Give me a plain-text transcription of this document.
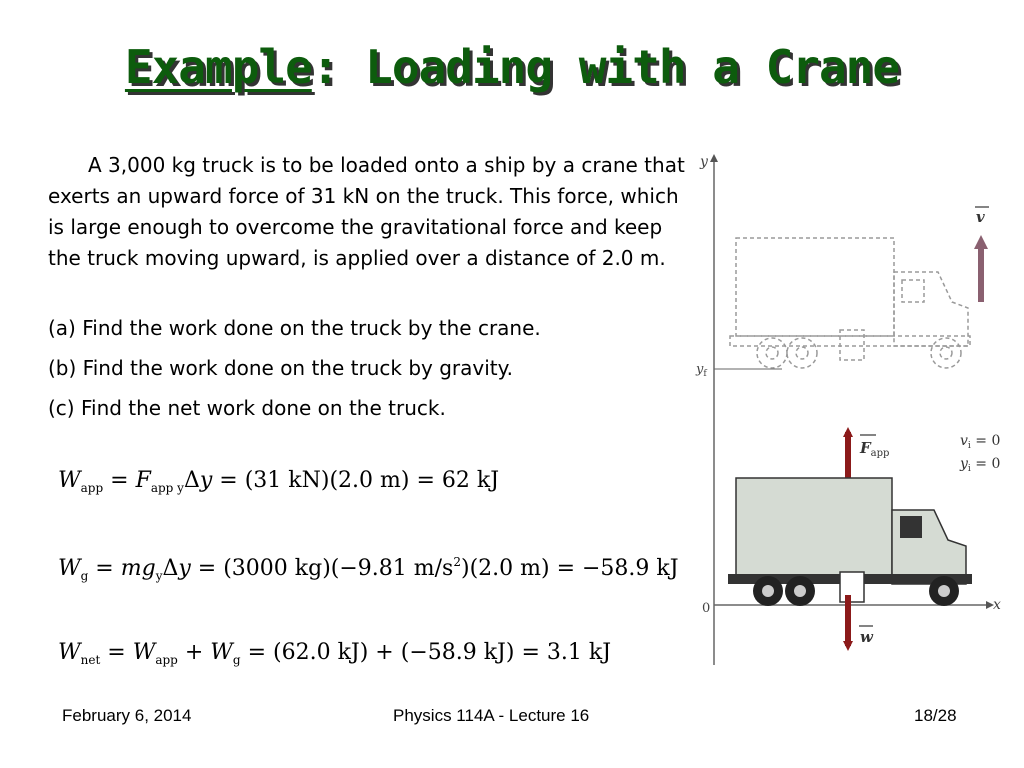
Example: Loading with a Crane
A 3,000 kg truck is to be loaded onto a ship by a crane that exerts an upward force of 31 kN on the truck. This force, which is large enough to overcome the gravitational force and keep the truck moving upward, is applied over a distance of 2.0 m.
(a) Find the work done on the truck by the crane.
(b) Find the work done on the truck by gravity.
(c) Find the net work done on the truck.
$W_{app} = F_{app y}\Delta y = (31$ kN)(2.0 m) = 62 kJ
$W_g = mg_y\Delta y = (3000$ kg)(−9.81 $m/s^2)(2.0$ m) = −58.9 kJ
$W_{net} = W_{app} + W_g = (62.0$ kJ) + (−58.9 kJ) = 3.1 kJ
y
x
0
$y_f$
v
$v_i = 0$
$y_i = 0$
$F_{app}$
w
February 6, 2014	Physics 114A - Lecture 16	18/28
